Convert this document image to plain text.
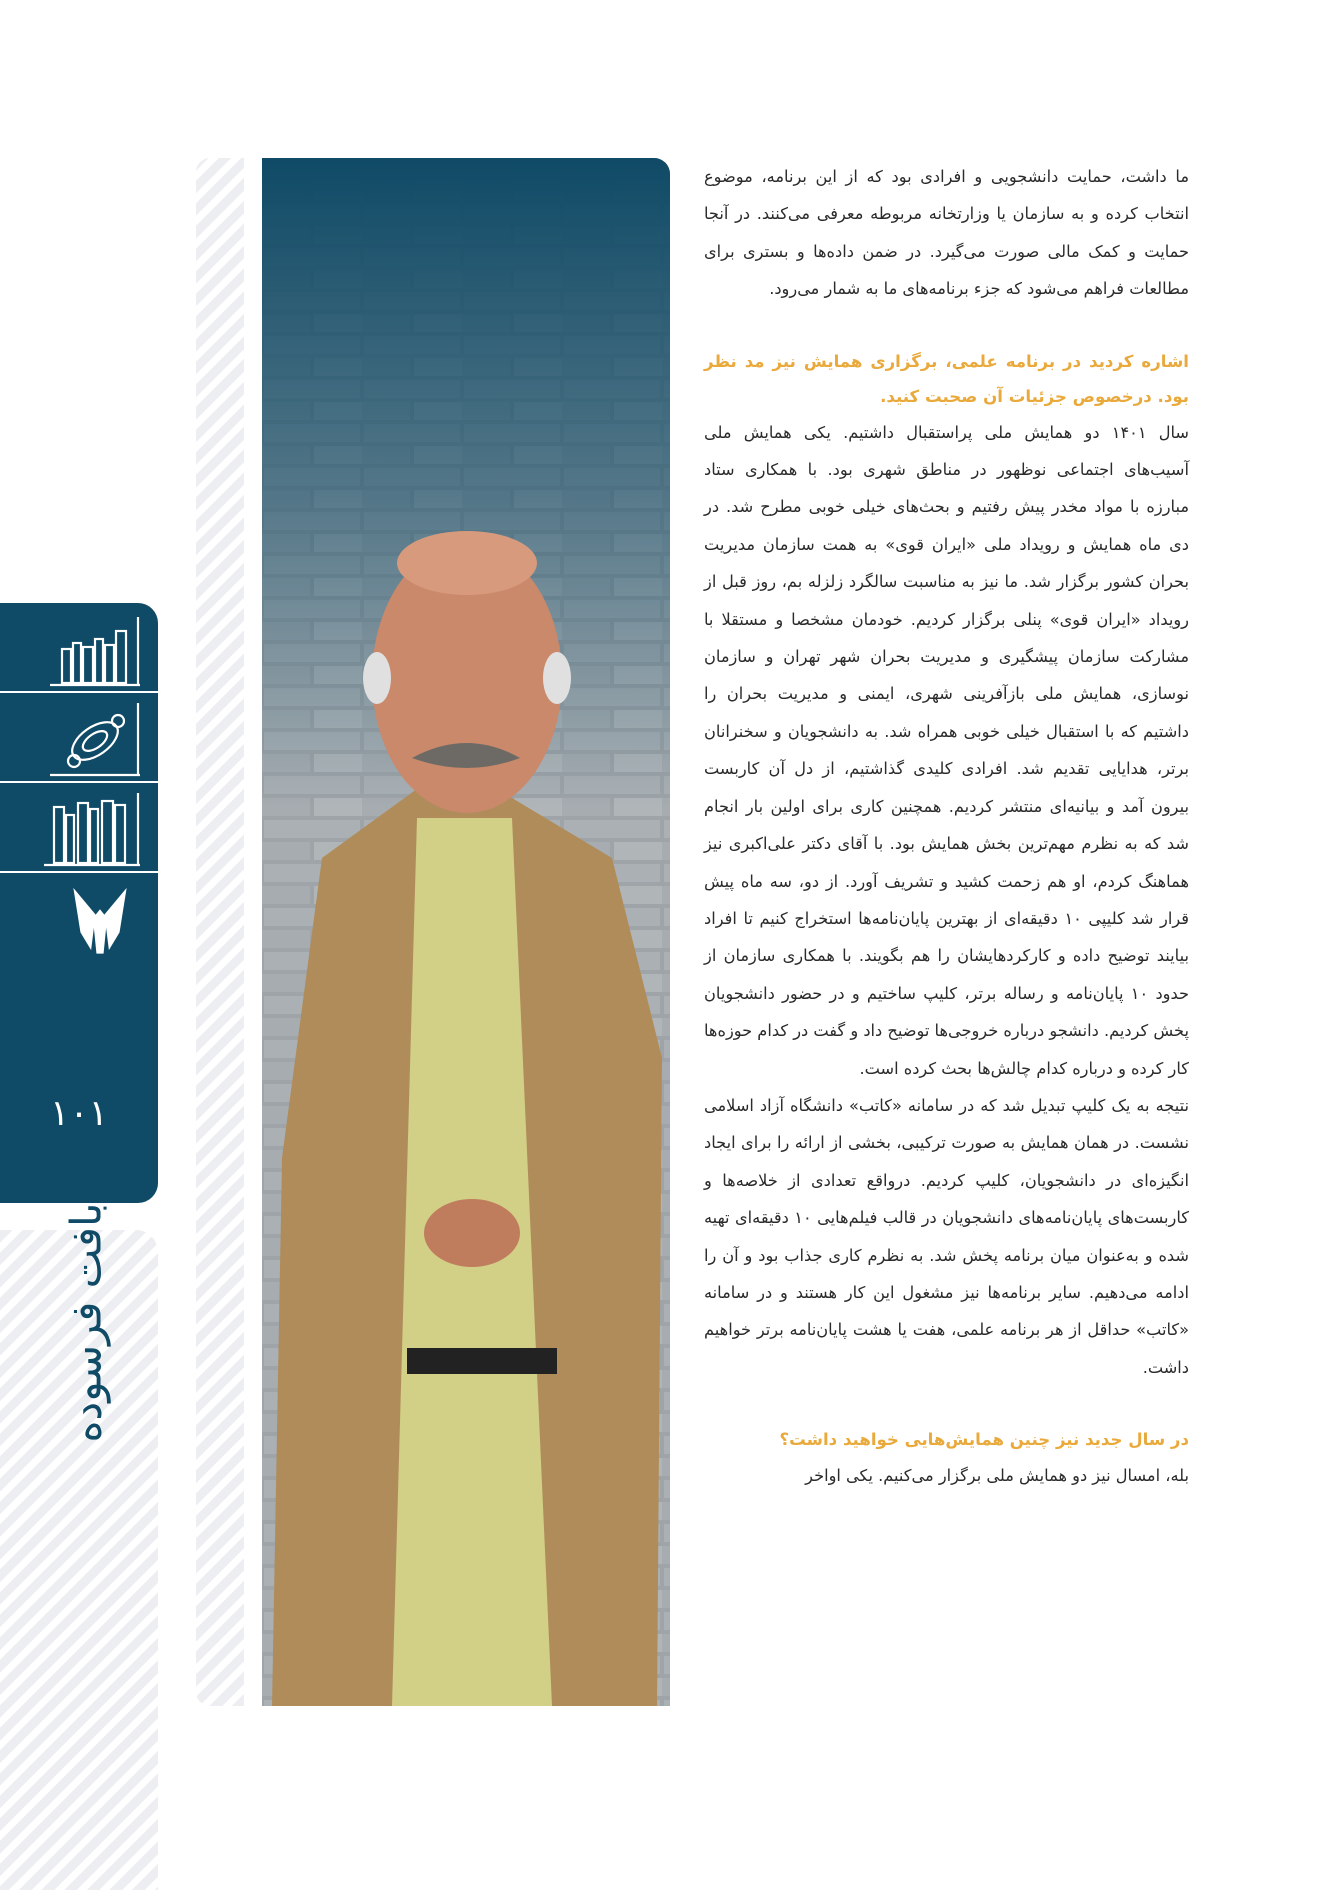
۱۰۱
بافت فرسوده

ما داشت، حمایت دانشجویی و افرادی بود که از این برنامه، موضوع انتخاب کرده و به سازمان یا وزارتخانه مربوطه معرفی می‌کنند. در آنجا حمایت و کمک مالی صورت می‌گیرد. در ضمن داده‌ها و بستری برای مطالعات فراهم می‌شود که جزء برنامه‌های ما به شمار می‌رود.

اشاره کردید در برنامه علمی، برگزاری همایش نیز مد نظر بود. درخصوص جزئیات آن صحبت کنید.

سال ۱۴۰۱ دو همایش ملی پراستقبال داشتیم. یکی همایش ملی آسیب‌های اجتماعی نوظهور در مناطق شهری بود. با همکاری ستاد مبارزه با مواد مخدر پیش رفتیم و بحث‌های خیلی خوبی مطرح شد. در دی ماه همایش و رویداد ملی «ایران قوی» به همت سازمان مدیریت بحران کشور برگزار شد. ما نیز به مناسبت سالگرد زلزله بم، روز قبل از رویداد «ایران قوی» پنلی برگزار کردیم. خودمان مشخصا و مستقلا با مشارکت سازمان پیشگیری و مدیریت بحران شهر تهران و سازمان نوسازی، همایش ملی بازآفرینی شهری، ایمنی و مدیریت بحران را داشتیم که با استقبال خیلی خوبی همراه شد. به دانشجویان و سخنرانان برتر، هدایایی تقدیم شد. افرادی کلیدی گذاشتیم، از دل آن کاربست بیرون آمد و بیانیه‌ای منتشر کردیم. همچنین کاری برای اولین بار انجام شد که به نظرم مهم‌ترین بخش همایش بود. با آقای دکتر علی‌اکبری نیز هماهنگ کردم، او هم زحمت کشید و تشریف آورد. از دو، سه ماه پیش قرار شد کلیپی ۱۰ دقیقه‌ای از بهترین پایان‌نامه‌ها استخراج کنیم تا افراد بیایند توضیح داده و کارکردهایشان را هم بگویند. با همکاری سازمان از حدود ۱۰ پایان‌نامه و رساله برتر، کلیپ ساختیم و در حضور دانشجویان پخش کردیم. دانشجو درباره خروجی‌ها توضیح داد و گفت در کدام حوزه‌ها کار کرده و درباره کدام چالش‌ها بحث کرده است.

نتیجه به یک کلیپ تبدیل شد که در سامانه «کاتب» دانشگاه آزاد اسلامی نشست. در همان همایش به صورت ترکیبی، بخشی از ارائه را برای ایجاد انگیزه‌ای در دانشجویان، کلیپ کردیم. درواقع تعدادی از خلاصه‌ها و کاربست‌های پایان‌نامه‌های دانشجویان در قالب فیلم‌هایی ۱۰ دقیقه‌ای تهیه شده و به‌عنوان میان برنامه پخش شد. به نظرم کاری جذاب بود و آن را ادامه می‌دهیم. سایر برنامه‌ها نیز مشغول این کار هستند و در سامانه «کاتب» حداقل از هر برنامه علمی، هفت یا هشت پایان‌نامه برتر خواهیم داشت.

در سال جدید نیز چنین همایش‌هایی خواهید داشت؟

بله، امسال نیز دو همایش ملی برگزار می‌کنیم. یکی اواخر
